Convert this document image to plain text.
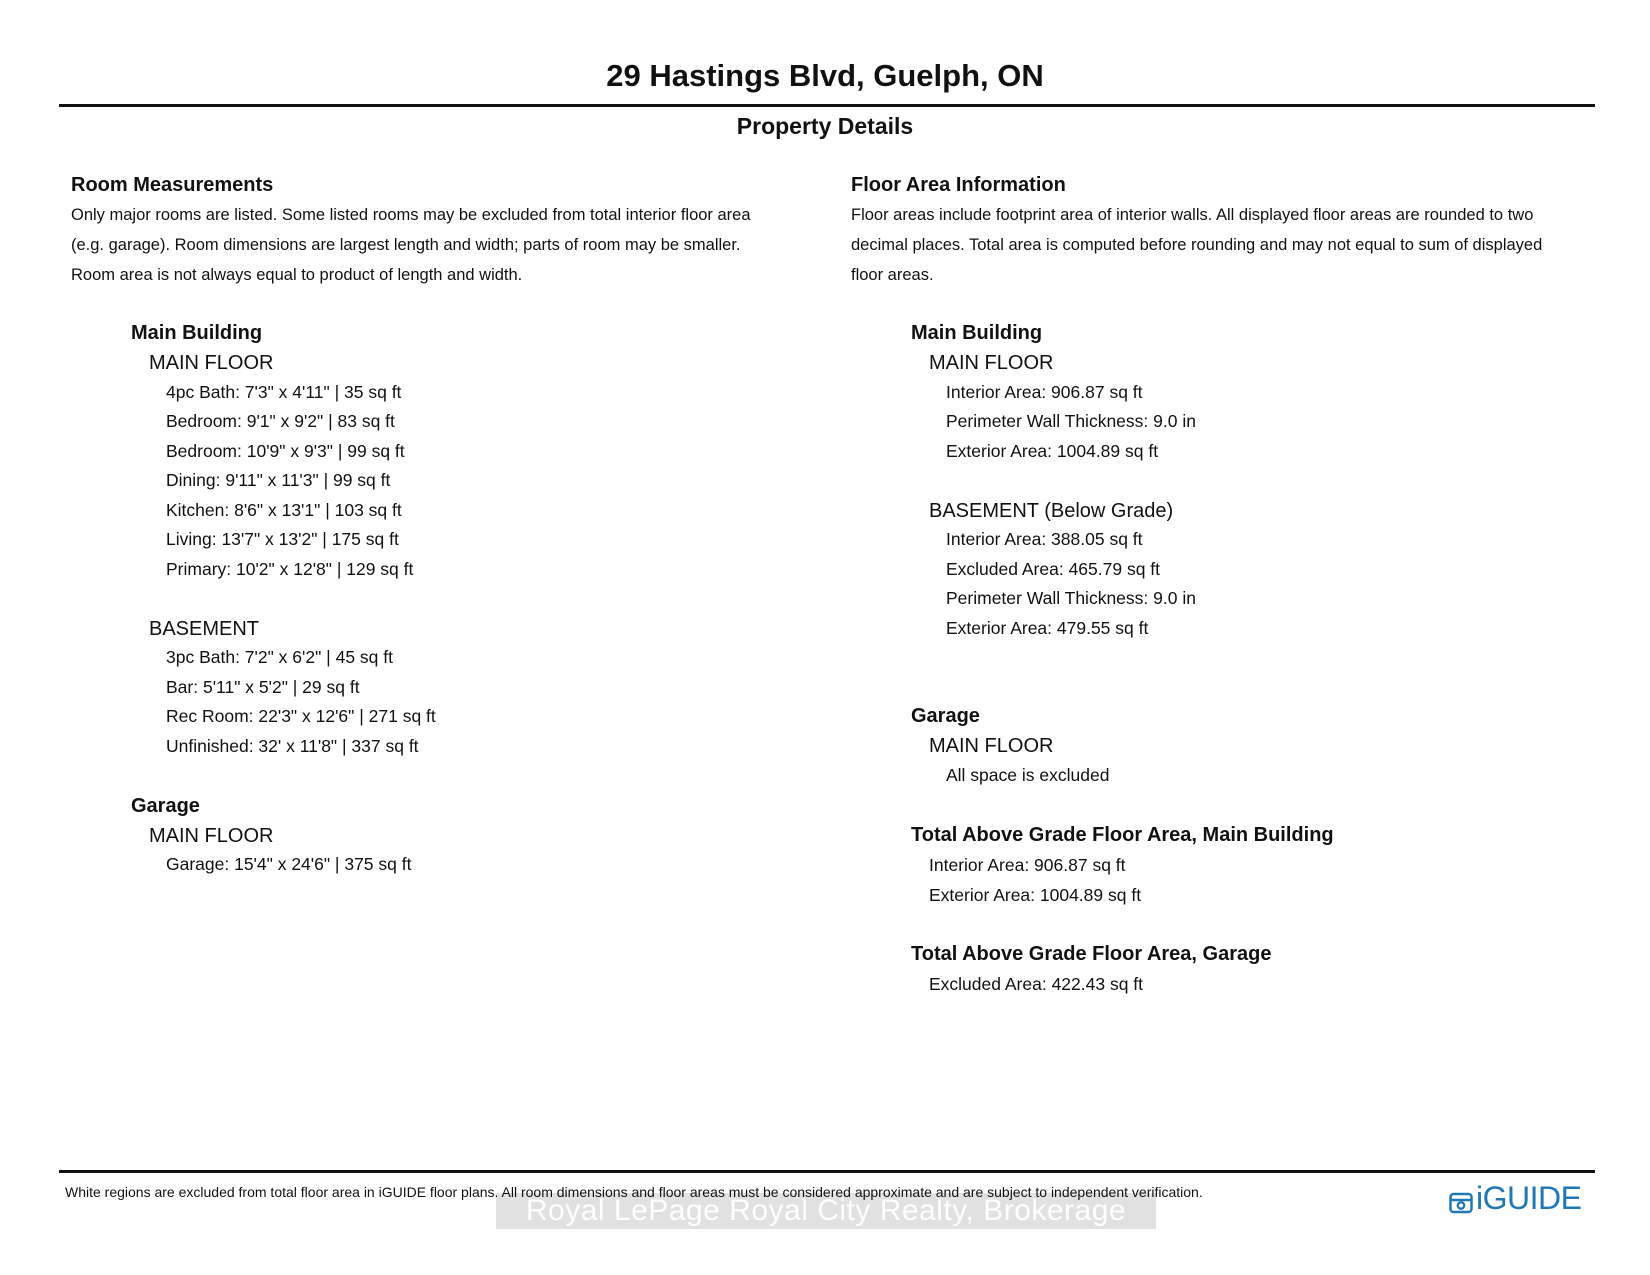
29 Hastings Blvd, Guelph, ON
Property Details
Room Measurements
Only major rooms are listed. Some listed rooms may be excluded from total interior floor area
(e.g. garage). Room dimensions are largest length and width; parts of room may be smaller.
Room area is not always equal to product of length and width.
Main Building
MAIN FLOOR
4pc Bath: 7'3" x 4'11" | 35 sq ft
Bedroom: 9'1" x 9'2" | 83 sq ft
Bedroom: 10'9" x 9'3" | 99 sq ft
Dining: 9'11" x 11'3" | 99 sq ft
Kitchen: 8'6" x 13'1" | 103 sq ft
Living: 13'7" x 13'2" | 175 sq ft
Primary: 10'2" x 12'8" | 129 sq ft
BASEMENT
3pc Bath: 7'2" x 6'2" | 45 sq ft
Bar: 5'11" x 5'2" | 29 sq ft
Rec Room: 22'3" x 12'6" | 271 sq ft
Unfinished: 32' x 11'8" | 337 sq ft
Garage
MAIN FLOOR
Garage: 15'4" x 24'6" | 375 sq ft
Floor Area Information
Floor areas include footprint area of interior walls. All displayed floor areas are rounded to two
decimal places. Total area is computed before rounding and may not equal to sum of displayed
floor areas.
Main Building
MAIN FLOOR
Interior Area: 906.87 sq ft
Perimeter Wall Thickness: 9.0 in
Exterior Area: 1004.89 sq ft
BASEMENT (Below Grade)
Interior Area: 388.05 sq ft
Excluded Area: 465.79 sq ft
Perimeter Wall Thickness: 9.0 in
Exterior Area: 479.55 sq ft
Garage
MAIN FLOOR
All space is excluded
Total Above Grade Floor Area, Main Building
Interior Area: 906.87 sq ft
Exterior Area: 1004.89 sq ft
Total Above Grade Floor Area, Garage
Excluded Area: 422.43 sq ft
Royal LePage Royal City Realty, Brokerage
White regions are excluded from total floor area in iGUIDE floor plans. All room dimensions and floor areas must be considered approximate and are subject to independent verification.	iGUIDE
